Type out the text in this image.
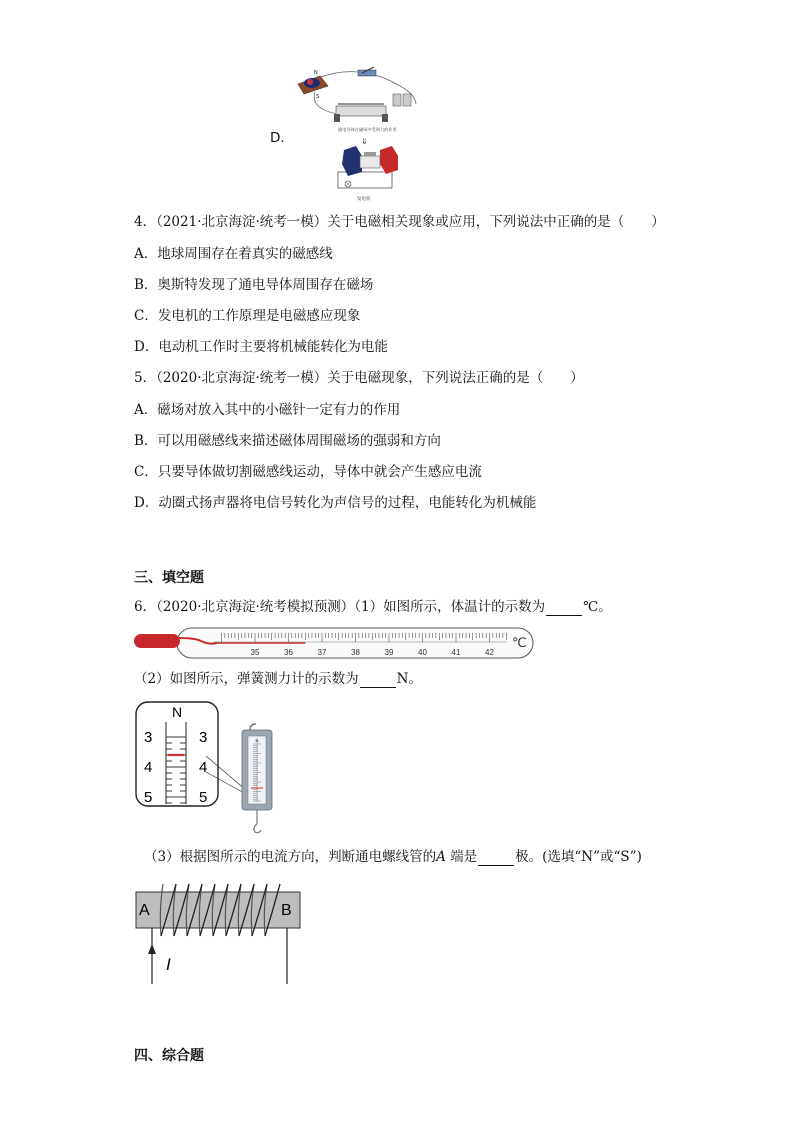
D．
N
S
通电导体在磁场中受到力的作用
⇓
发电机
4．（2021·北京海淀·统考一模）关于电磁相关现象或应用，下列说法中正确的是（　　）
A．地球周围存在着真实的磁感线
B．奥斯特发现了通电导体周围存在磁场
C．发电机的工作原理是电磁感应现象
D．电动机工作时主要将机械能转化为电能
5．（2020·北京海淀·统考一模）关于电磁现象，下列说法正确的是（　　）
A．磁场对放入其中的小磁针一定有力的作用
B．可以用磁感线来描述磁体周围磁场的强弱和方向
C．只要导体做切割磁感线运动，导体中就会产生感应电流
D．动圈式扬声器将电信号转化为声信号的过程，电能转化为机械能
三、填空题
6．（2020·北京海淀·统考模拟预测）（1）如图所示，体温计的示数为	℃。
35	36	37	38	39	40	41	42
℃
（2）如图所示，弹簧测力计的示数为	N。
N
3
4
5
3
4
5
N
（3）根据图所示的电流方向，判断通电螺线管的A 端是	极。(选填“N”或“S”)
A	B
I
四、综合题
